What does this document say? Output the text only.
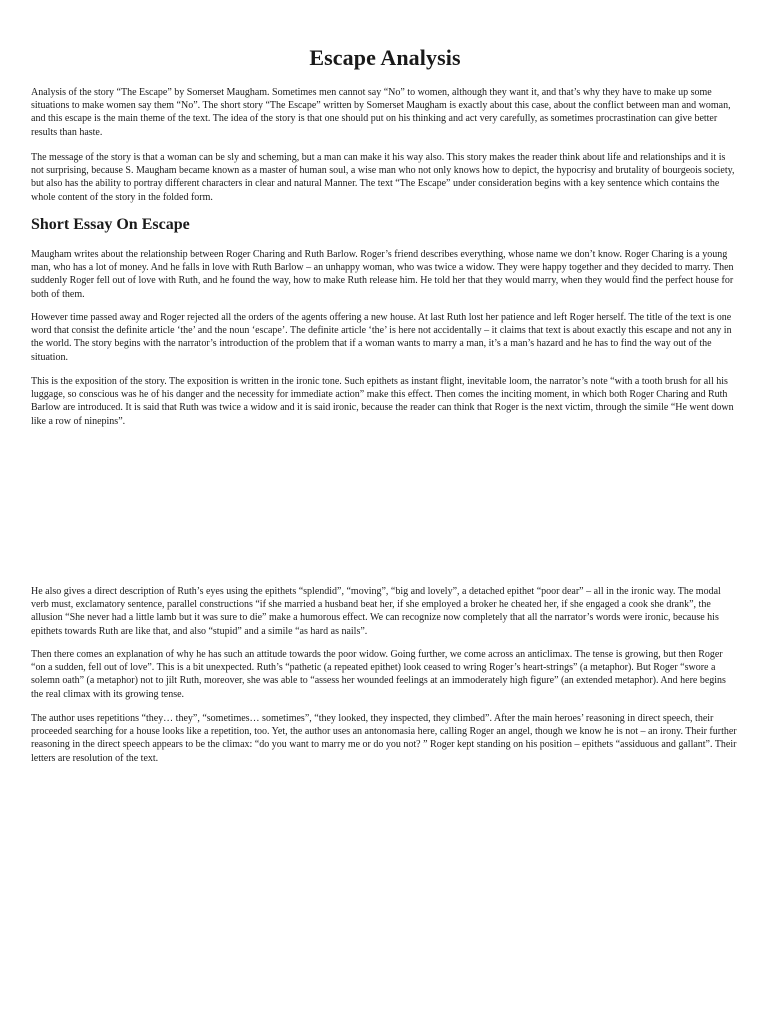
Escape Analysis

Analysis of the story “The Escape” by Somerset Maugham. Sometimes men cannot say “No” to women, although they want it, and that’s why they have to make up some situations to make women say them “No”. The short story “The Escape” written by Somerset Maugham is exactly about this case, about the conflict between man and woman, and this escape is the main theme of the text. The idea of the story is that one should put on his thinking and act very carefully, as sometimes procrastination can give better results than haste.

The message of the story is that a woman can be sly and scheming, but a man can make it his way also. This story makes the reader think about life and relationships and it is not surprising, because S. Maugham became known as a master of human soul, a wise man who not only knows how to depict, the hypocrisy and brutality of bourgeois society, but also has the ability to portray different characters in clear and natural Manner. The text “The Escape” under consideration begins with a key sentence which contains the whole content of the story in the folded form.

Short Essay On Escape

Maugham writes about the relationship between Roger Charing and Ruth Barlow. Roger’s friend describes everything, whose name we don’t know. Roger Charing is a young man, who has a lot of money. And he falls in love with Ruth Barlow – an unhappy woman, who was twice a widow. They were happy together and they decided to marry. Then suddenly Roger fell out of love with Ruth, and he found the way, how to make Ruth release him. He told her that they would marry, when they would find the perfect house for both of them.

However time passed away and Roger rejected all the orders of the agents offering a new house. At last Ruth lost her patience and left Roger herself. The title of the text is one word that consist the definite article ‘the’ and the noun ‘escape’. The definite article ‘the’ is here not accidentally – it claims that text is about exactly this escape and not any in the world. The story begins with the narrator’s introduction of the problem that if a woman wants to marry a man, it’s a man’s hazard and he has to find the way out of the situation.

This is the exposition of the story. The exposition is written in the ironic tone. Such epithets as instant flight, inevitable loom, the narrator’s note “with a tooth brush for all his luggage, so conscious was he of his danger and the necessity for immediate action” make this effect. Then comes the inciting moment, in which both Roger Charing and Ruth Barlow are introduced. It is said that Ruth was twice a widow and it is said ironic, because the reader can think that Roger is the next victim, through the simile “He went down like a row of ninepins”.

He also gives a direct description of Ruth’s eyes using the epithets “splendid”, “moving”, “big and lovely”, a detached epithet “poor dear” – all in the ironic way. The modal verb must, exclamatory sentence, parallel constructions “if she married a husband beat her, if she employed a broker he cheated her, if she engaged a cook she drank”, the allusion “She never had a little lamb but it was sure to die” make a humorous effect. We can recognize now completely that all the narrator’s words were ironic, because his epithets towards Ruth are like that, and also “stupid” and a simile “as hard as nails”.

Then there comes an explanation of why he has such an attitude towards the poor widow. Going further, we come across an anticlimax. The tense is growing, but then Roger “on a sudden, fell out of love”. This is a bit unexpected. Ruth’s “pathetic (a repeated epithet) look ceased to wring Roger’s heart-strings” (a metaphor). But Roger “swore a solemn oath” (a metaphor) not to jilt Ruth, moreover, she was able to “assess her wounded feelings at an immoderately high figure” (an extended metaphor). And here begins the real climax with its growing tense.

The author uses repetitions “they… they”, “sometimes… sometimes”, “they looked, they inspected, they climbed”. After the main heroes’ reasoning in direct speech, their proceeded searching for a house looks like a repetition, too. Yet, the author uses an antonomasia here, calling Roger an angel, though we know he is not – an irony. Their further reasoning in the direct speech appears to be the climax: “do you want to marry me or do you not? ” Roger kept standing on his position – epithets “assiduous and gallant”. Their letters are resolution of the text.
